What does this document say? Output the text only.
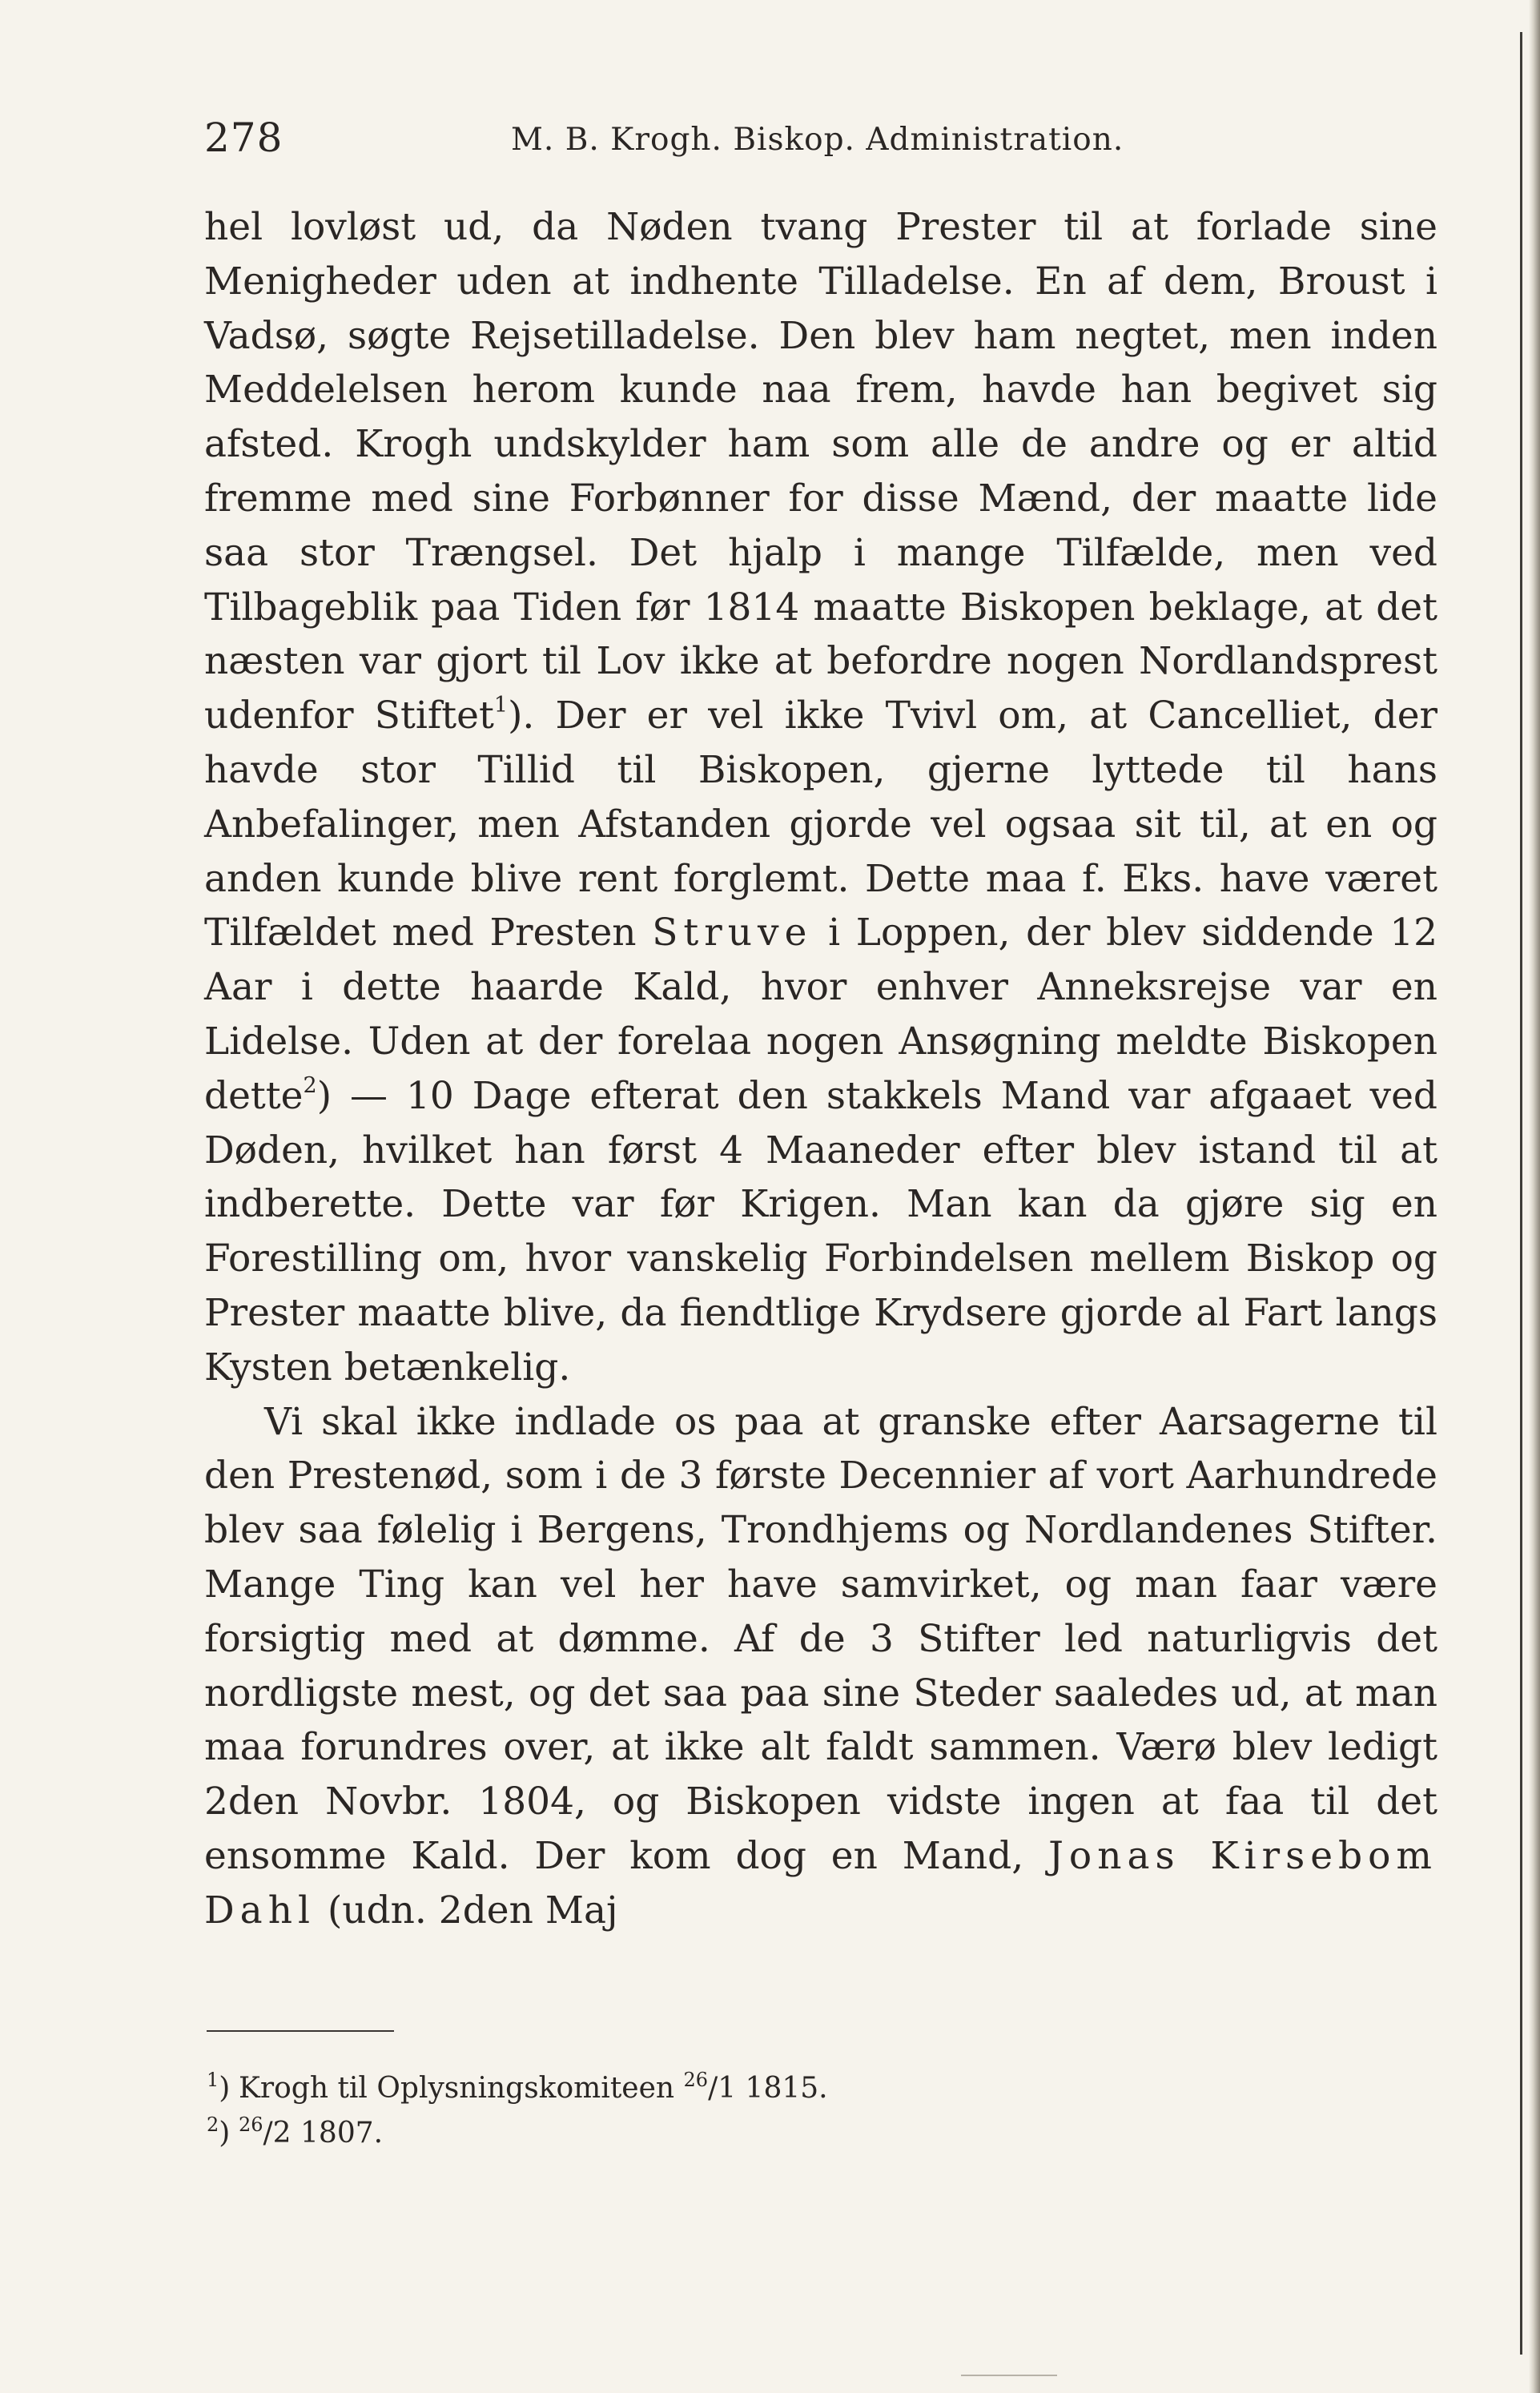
278	M. B. Krogh. Biskop. Administration.

hel lovløst ud, da Nøden tvang Prester til at forlade sine Menigheder uden at indhente Tilladelse. En af dem, Broust i Vadsø, søgte Rejsetilladelse. Den blev ham negtet, men inden Meddelelsen herom kunde naa frem, havde han begivet sig afsted. Krogh undskylder ham som alle de andre og er altid fremme med sine Forbønner for disse Mænd, der maatte lide saa stor Trængsel. Det hjalp i mange Tilfælde, men ved Tilbageblik paa Tiden før 1814 maatte Biskopen beklage, at det næsten var gjort til Lov ikke at befordre nogen Nordlandsprest udenfor Stiftet$^1$). Der er vel ikke Tvivl om, at Cancelliet, der havde stor Tillid til Biskopen, gjerne lyttede til hans Anbefalinger, men Afstanden gjorde vel ogsaa sit til, at en og anden kunde blive rent forglemt. Dette maa f. Eks. have været Tilfældet med Presten Struve i Loppen, der blev siddende 12 Aar i dette haarde Kald, hvor enhver Anneksrejse var en Lidelse. Uden at der forelaa nogen Ansøgning meldte Biskopen dette$^2$) — 10 Dage efterat den stakkels Mand var afgaaet ved Døden, hvilket han først 4 Maaneder efter blev istand til at indberette. Dette var før Krigen. Man kan da gjøre sig en Forestilling om, hvor vanskelig Forbindelsen mellem Biskop og Prester maatte blive, da fiendtlige Krydsere gjorde al Fart langs Kysten betænkelig.

Vi skal ikke indlade os paa at granske efter Aarsagerne til den Prestenød, som i de 3 første Decennier af vort Aarhundrede blev saa følelig i Bergens, Trondhjems og Nordlandenes Stifter. Mange Ting kan vel her have samvirket, og man faar være forsigtig med at dømme. Af de 3 Stifter led naturligvis det nordligste mest, og det saa paa sine Steder saaledes ud, at man maa forundres over, at ikke alt faldt sammen. Værø blev ledigt 2den Novbr. 1804, og Biskopen vidste ingen at faa til det ensomme Kald. Der kom dog en Mand, Jonas Kirsebom Dahl (udn. 2den Maj

$^1$) Krogh til Oplysningskomiteen $^{26}$/1 1815.
$^2$) $^{26}$/2 1807.
